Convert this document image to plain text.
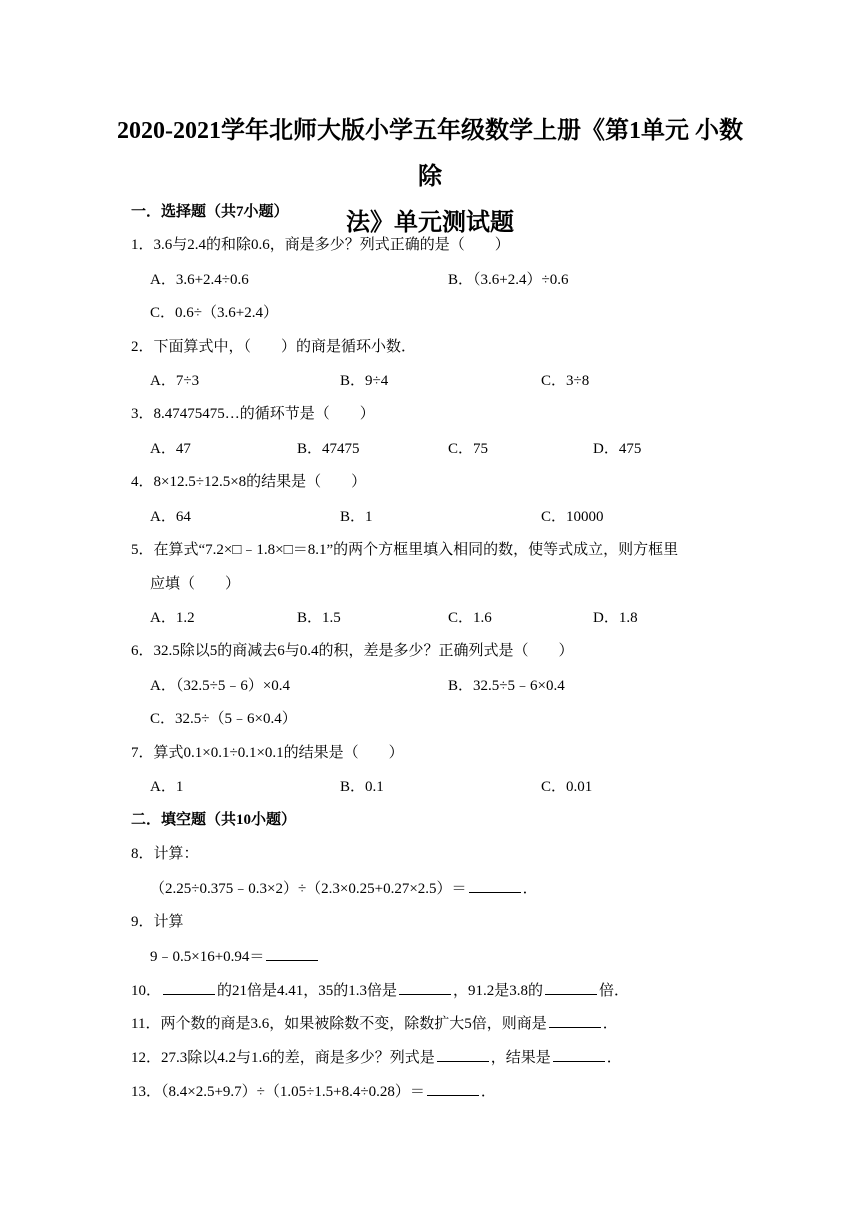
2020-2021学年北师大版小学五年级数学上册《第1单元 小数除
法》单元测试题
一．选择题（共7小题）
1．3.6与2.4的和除0.6，商是多少？列式正确的是（　　）
A．3.6+2.4÷0.6	B．（3.6+2.4）÷0.6
C．0.6÷（3.6+2.4）
2．下面算式中，（　　）的商是循环小数．
A．7÷3	B．9÷4	C．3÷8
3．8.47475475…的循环节是（　　）
A．47	B．47475	C．75	D．475
4．8×12.5÷12.5×8的结果是（　　）
A．64	B．1	C．10000
5．在算式“7.2×□﹣1.8×□＝8.1”的两个方框里填入相同的数，使等式成立，则方框里
应填（　　）
A．1.2	B．1.5	C．1.6	D．1.8
6．32.5除以5的商减去6与0.4的积，差是多少？正确列式是（　　）
A．（32.5÷5﹣6）×0.4	B．32.5÷5﹣6×0.4
C．32.5÷（5﹣6×0.4）
7．算式0.1×0.1÷0.1×0.1的结果是（　　）
A．1	B．0.1	C．0.01
二．填空题（共10小题）
8．计算：
（2.25÷0.375﹣0.3×2）÷（2.3×0.25+0.27×2.5）＝	．
9．计算
9﹣0.5×16+0.94＝
10．	的21倍是4.41，35的1.3倍是	，91.2是3.8的	倍．
11．两个数的商是3.6，如果被除数不变，除数扩大5倍，则商是	．
12．27.3除以4.2与1.6的差，商是多少？列式是	，结果是	．
13．（8.4×2.5+9.7）÷（1.05÷1.5+8.4÷0.28）＝	．
